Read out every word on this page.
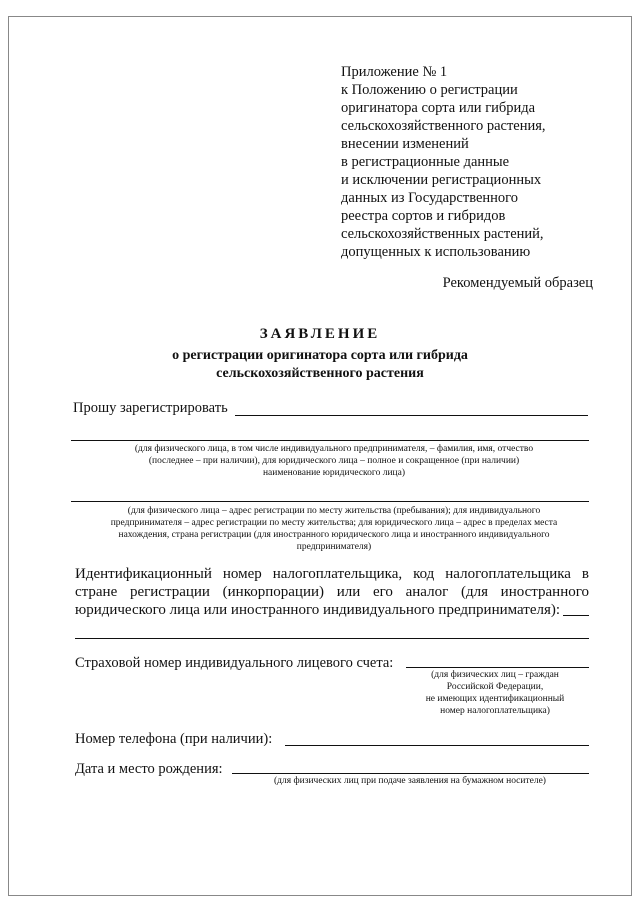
Приложение № 1
к Положению о регистрации
оригинатора сорта или гибрида
сельскохозяйственного растения,
внесении изменений
в регистрационные данные
и исключении регистрационных
данных из Государственного
реестра сортов и гибридов
сельскохозяйственных растений,
допущенных к использованию
Рекомендуемый образец
ЗАЯВЛЕНИЕ
о регистрации оригинатора сорта или гибрида
сельскохозяйственного растения
Прошу зарегистрировать
(для физического лица, в том числе индивидуального предпринимателя, – фамилия, имя, отчество
(последнее – при наличии), для юридического лица – полное и сокращенное (при наличии)
наименование юридического лица)
(для физического лица – адрес регистрации по месту жительства (пребывания); для индивидуального
предпринимателя – адрес регистрации по месту жительства; для юридического лица – адрес в пределах места
нахождения, страна регистрации (для иностранного юридического лица и иностранного индивидуального
предпринимателя)
Идентификационный номер налогоплательщика, код налогоплательщика в стране регистрации (инкорпорации) или его аналог (для иностранного юридического лица или иностранного индивидуального предпринимателя):
Страховой номер индивидуального лицевого счета:
(для физических лиц – граждан
Российской Федерации,
не имеющих идентификационный
номер налогоплательщика)
Номер телефона (при наличии):
Дата и место рождения:
(для физических лиц при подаче заявления на бумажном носителе)
